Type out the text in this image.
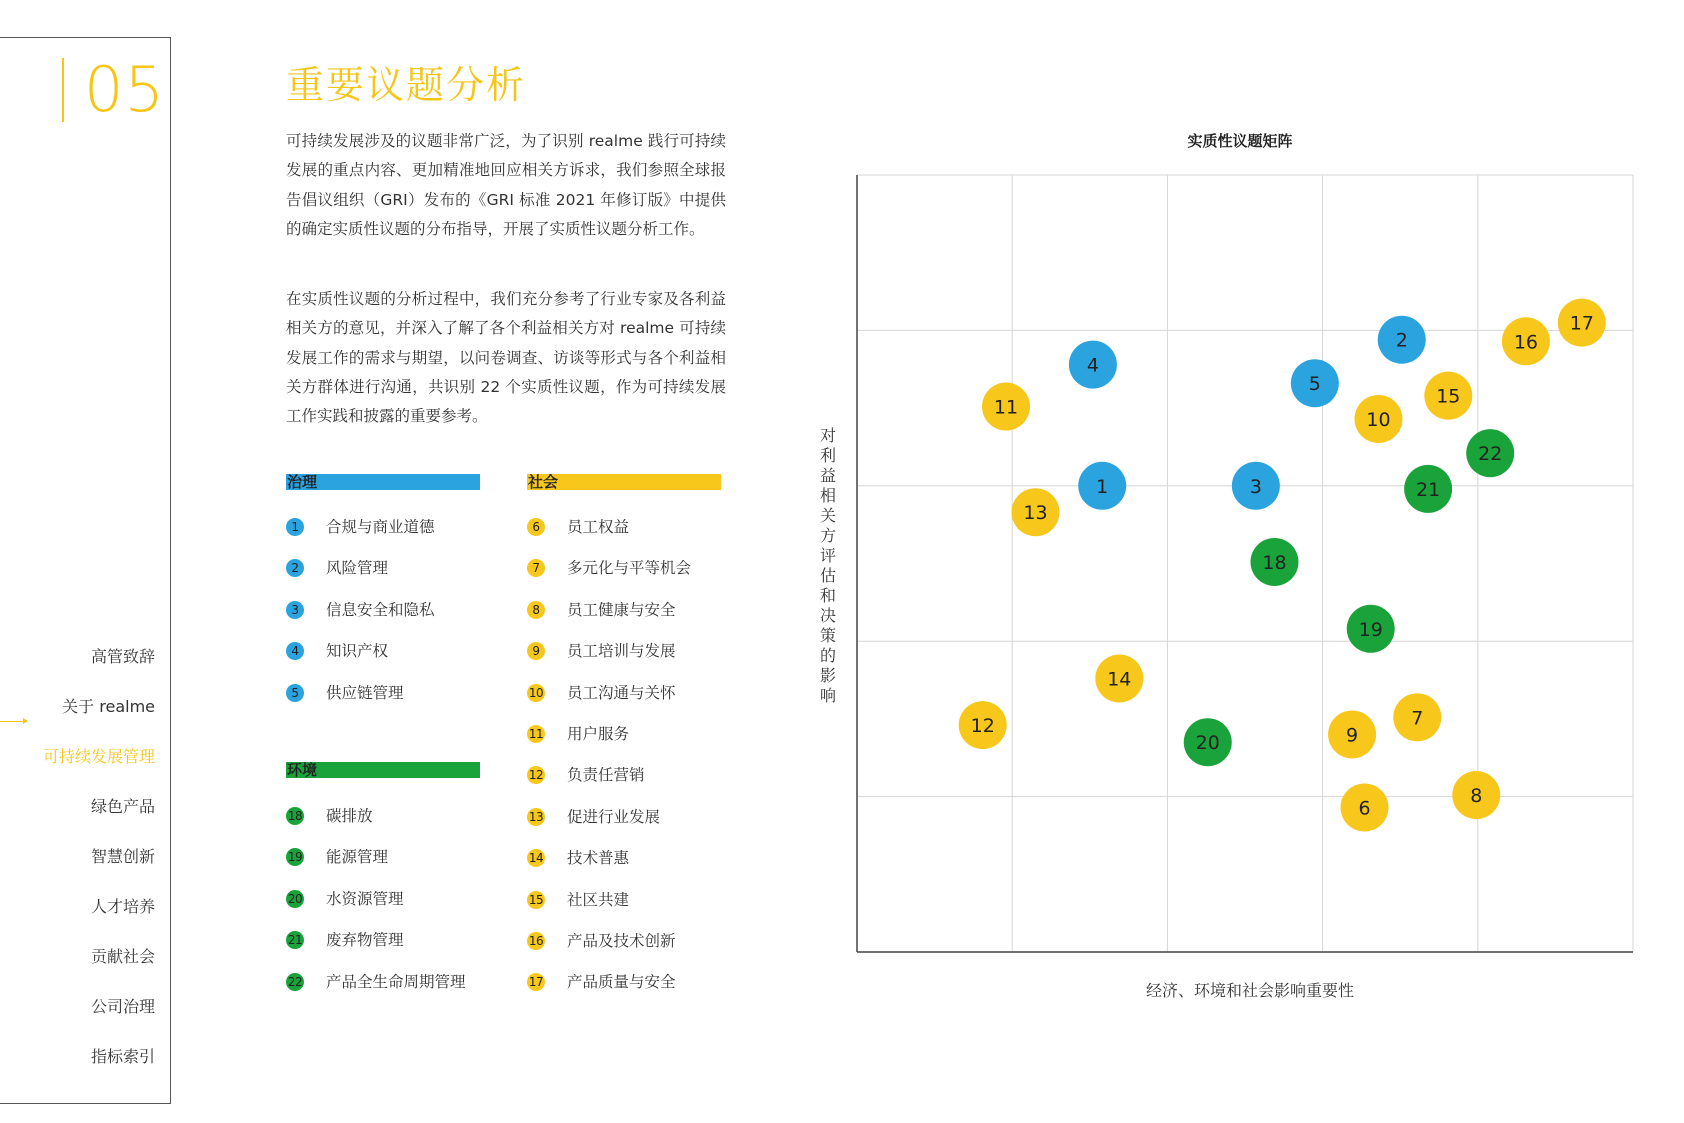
05
高管致辞
关于 realme
可持续发展管理
绿色产品
智慧创新
人才培养
贡献社会
公司治理
指标索引
重要议题分析

可持续发展涉及的议题非常广泛，为了识别 realme 践行可持续发展的重点内容、更加精准地回应相关方诉求，我们参照全球报告倡议组织（GRI）发布的《GRI 标准 2021 年修订版》中提供的确定实质性议题的分布指导，开展了实质性议题分析工作。

在实质性议题的分析过程中，我们充分参考了行业专家及各利益相关方的意见，并深入了解了各个利益相关方对 realme 可持续发展工作的需求与期望，以问卷调查、访谈等形式与各个利益相关方群体进行沟通，共识别 22 个实质性议题，作为可持续发展工作实践和披露的重要参考。

治理
1	合规与商业道德
2	风险管理
3	信息安全和隐私
4	知识产权
5	供应链管理
环境
18 碳排放
19 能源管理
20 水资源管理
21 废弃物管理
22 产品全生命周期管理
社会
6	员工权益
7	多元化与平等机会
8	员工健康与安全
9	员工培训与发展
10 员工沟通与关怀
11 用户服务
12 负责任营销
13 促进行业发展
14 技术普惠
15 社区共建
16 产品及技术创新
17 产品质量与安全
实质性议题矩阵
对利益相关方评估和决策的影响
经济、环境和社会影响重要性
1
2
3
4
5
6
7
8
9
10
11
12
13
14
15
16
17
18
19
20
21
22
